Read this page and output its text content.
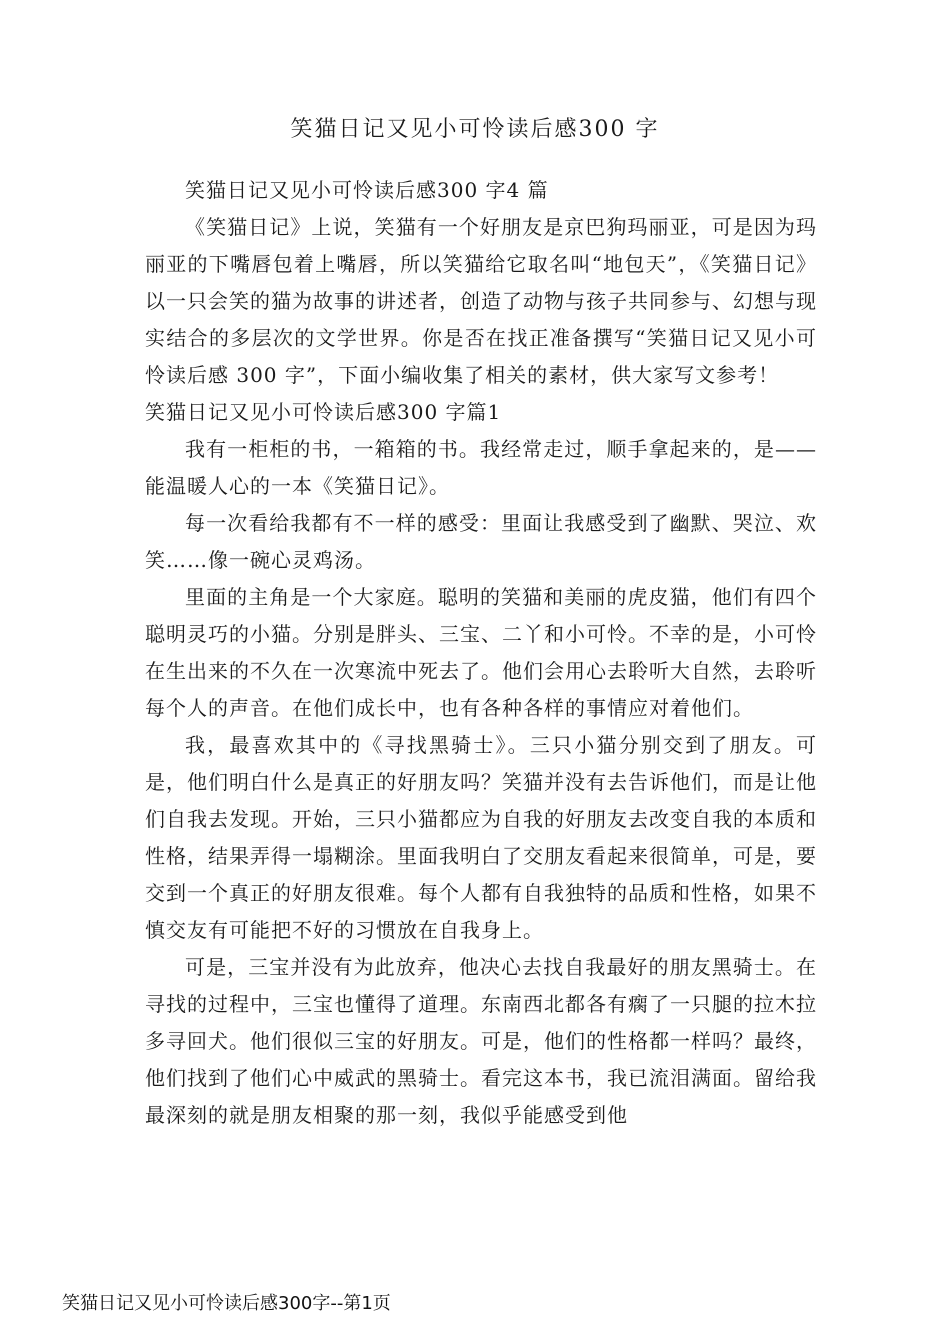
笑猫日记又见小可怜读后感300 字

笑猫日记又见小可怜读后感300 字4 篇

《笑猫日记》上说，笑猫有一个好朋友是京巴狗玛丽亚，可是因为玛丽亚的下嘴唇包着上嘴唇，所以笑猫给它取名叫“地包天”，《笑猫日记》以一只会笑的猫为故事的讲述者，创造了动物与孩子共同参与、幻想与现实结合的多层次的文学世界。你是否在找正准备撰写“笑猫日记又见小可怜读后感 300 字”，下面小编收集了相关的素材，供大家写文参考！

笑猫日记又见小可怜读后感300 字篇1

我有一柜柜的书，一箱箱的书。我经常走过，顺手拿起来的，是——能温暖人心的一本《笑猫日记》。

每一次看给我都有不一样的感受：里面让我感受到了幽默、哭泣、欢笑……像一碗心灵鸡汤。

里面的主角是一个大家庭。聪明的笑猫和美丽的虎皮猫，他们有四个聪明灵巧的小猫。分别是胖头、三宝、二丫和小可怜。不幸的是，小可怜在生出来的不久在一次寒流中死去了。他们会用心去聆听大自然，去聆听每个人的声音。在他们成长中，也有各种各样的事情应对着他们。

我，最喜欢其中的《寻找黑骑士》。三只小猫分别交到了朋友。可是，他们明白什么是真正的好朋友吗？笑猫并没有去告诉他们，而是让他们自我去发现。开始，三只小猫都应为自我的好朋友去改变自我的本质和性格，结果弄得一塌糊涂。里面我明白了交朋友看起来很简单，可是，要交到一个真正的好朋友很难。每个人都有自我独特的品质和性格，如果不慎交友有可能把不好的习惯放在自我身上。

可是，三宝并没有为此放弃，他决心去找自我最好的朋友黑骑士。在寻找的过程中，三宝也懂得了道理。东南西北都各有瘸了一只腿的拉木拉多寻回犬。他们很似三宝的好朋友。可是，他们的性格都一样吗？最终，他们找到了他们心中威武的黑骑士。看完这本书，我已流泪满面。留给我最深刻的就是朋友相聚的那一刻，我似乎能感受到他

笑猫日记又见小可怜读后感300字--第1页
